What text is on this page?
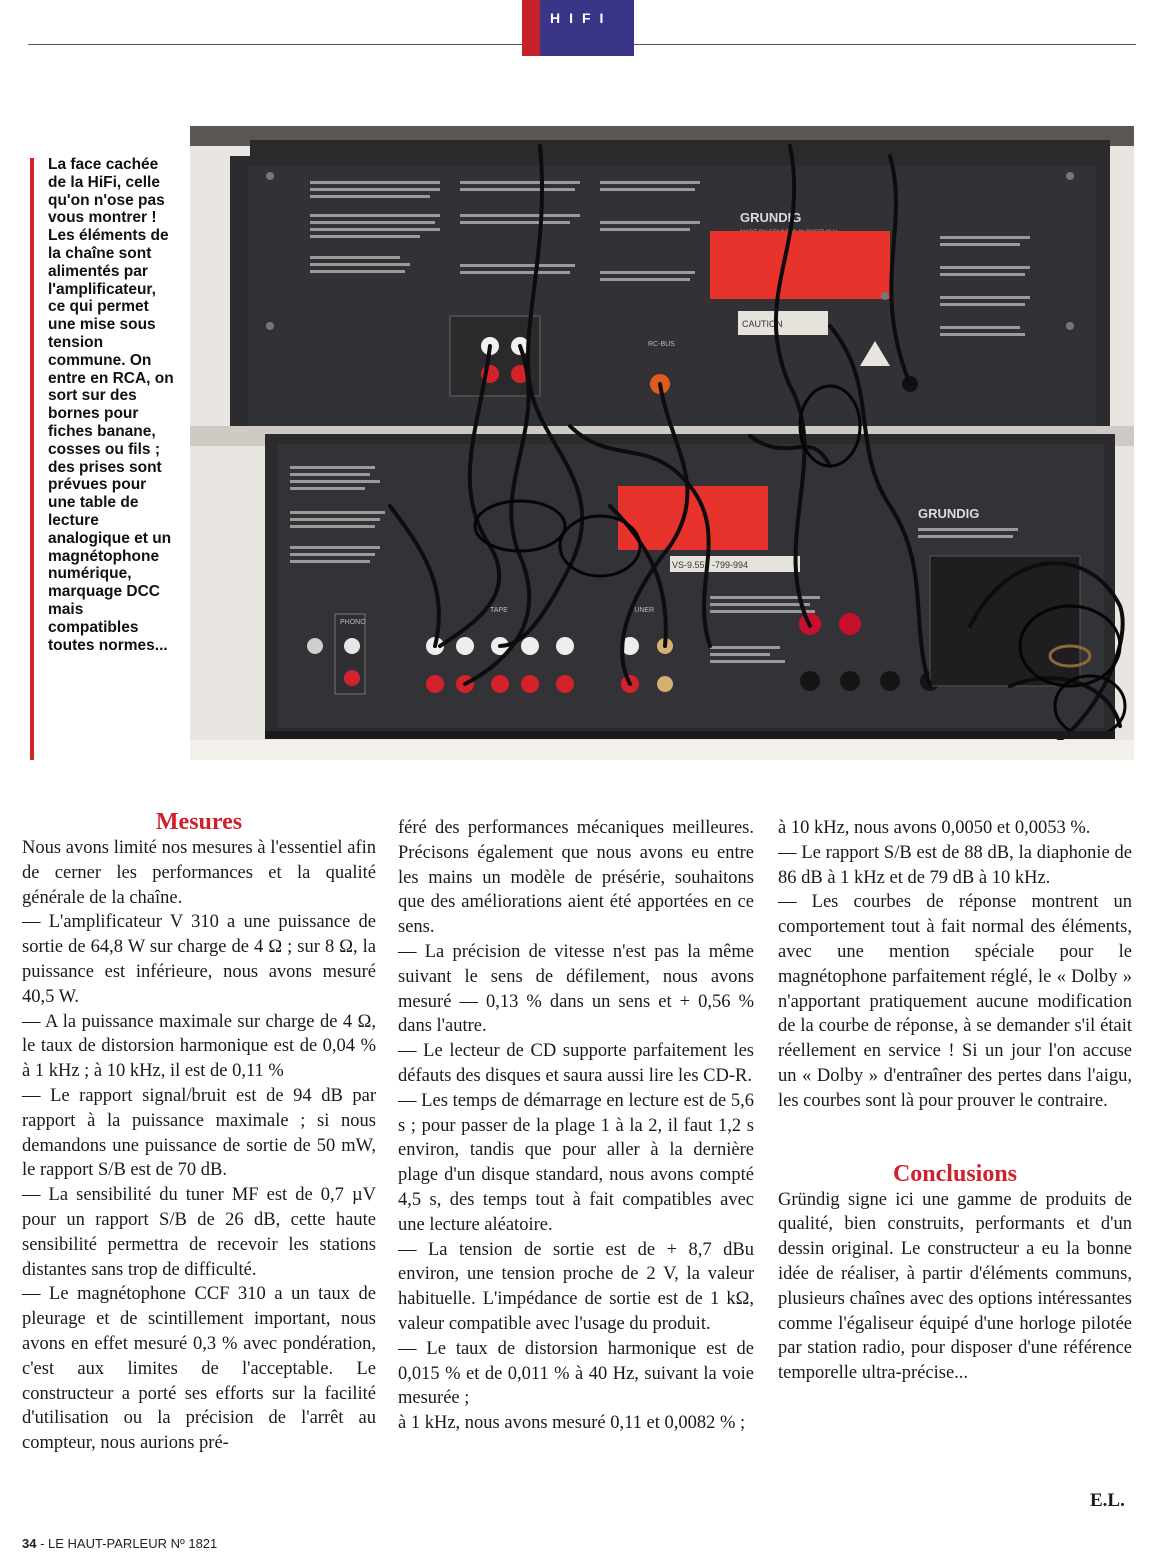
HIFI

La face cachée de la HiFi, celle qu'on n'ose pas vous montrer ! Les éléments de la chaîne sont alimentés par l'amplificateur, ce qui permet une mise sous tension commune. On entre en RCA, on sort sur des bornes pour fiches banane, cosses ou fils ; des prises sont prévues pour une table de lecture analogique et un magnétophone numérique, marquage DCC mais compatibles toutes normes...

GRUNDIG
CAUTION
RC-BUS
GRUNDIG
VS-9.553 -799-994
PHONO
TAPE	TUNER

Mesures

Nous avons limité nos mesures à l'essentiel afin de cerner les performances et la qualité générale de la chaîne.

— L'amplificateur V 310 a une puissance de sortie de 64,8 W sur charge de 4 Ω ; sur 8 Ω, la puissance est inférieure, nous avons mesuré 40,5 W.

— A la puissance maximale sur charge de 4 Ω, le taux de distorsion harmonique est de 0,04 % à 1 kHz ; à 10 kHz, il est de 0,11 %

— Le rapport signal/bruit est de 94 dB par rapport à la puissance maximale ; si nous demandons une puissance de sortie de 50 mW, le rapport S/B est de 70 dB.

— La sensibilité du tuner MF est de 0,7 µV pour un rapport S/B de 26 dB, cette haute sensibilité permettra de recevoir les stations distantes sans trop de difficulté.

— Le magnétophone CCF 310 a un taux de pleurage et de scintillement important, nous avons en effet mesuré 0,3 % avec pondération, c'est aux limites de l'acceptable. Le constructeur a porté ses efforts sur la facilité d'utilisation ou la précision de l'arrêt au compteur, nous aurions pré-

féré des performances mécaniques meilleures. Précisons également que nous avons eu entre les mains un modèle de présérie, souhaitons que des améliorations aient été apportées en ce sens.

— La précision de vitesse n'est pas la même suivant le sens de défilement, nous avons mesuré — 0,13 % dans un sens et + 0,56 % dans l'autre.

— Le lecteur de CD supporte parfaitement les défauts des disques et saura aussi lire les CD-R.

— Les temps de démarrage en lecture est de 5,6 s ; pour passer de la plage 1 à la 2, il faut 1,2 s environ, tandis que pour aller à la dernière plage d'un disque standard, nous avons compté 4,5 s, des temps tout à fait compatibles avec une lecture aléatoire.

— La tension de sortie est de + 8,7 dBu environ, une tension proche de 2 V, la valeur habituelle. L'impédance de sortie est de 1 kΩ, valeur compatible avec l'usage du produit.

— Le taux de distorsion harmonique est de 0,015 % et de 0,011 % à 40 Hz, suivant la voie mesurée ;

à 1 kHz, nous avons mesuré 0,11 et 0,0082 % ;

à 10 kHz, nous avons 0,0050 et 0,0053 %.

— Le rapport S/B est de 88 dB, la diaphonie de 86 dB à 1 kHz et de 79 dB à 10 kHz.

— Les courbes de réponse montrent un comportement tout à fait normal des éléments, avec une mention spéciale pour le magnétophone parfaitement réglé, le « Dolby » n'apportant pratiquement aucune modification de la courbe de réponse, à se demander s'il était réellement en service ! Si un jour l'on accuse un « Dolby » d'entraîner des pertes dans l'aigu, les courbes sont là pour prouver le contraire.

Conclusions

Gründig signe ici une gamme de produits de qualité, bien construits, performants et d'un dessin original. Le constructeur a eu la bonne idée de réaliser, à partir d'éléments communs, plusieurs chaînes avec des options intéressantes comme l'égaliseur équipé d'une horloge pilotée par station radio, pour disposer d'une référence temporelle ultra-précise...

E.L.
34 - LE HAUT-PARLEUR Nº 1821
